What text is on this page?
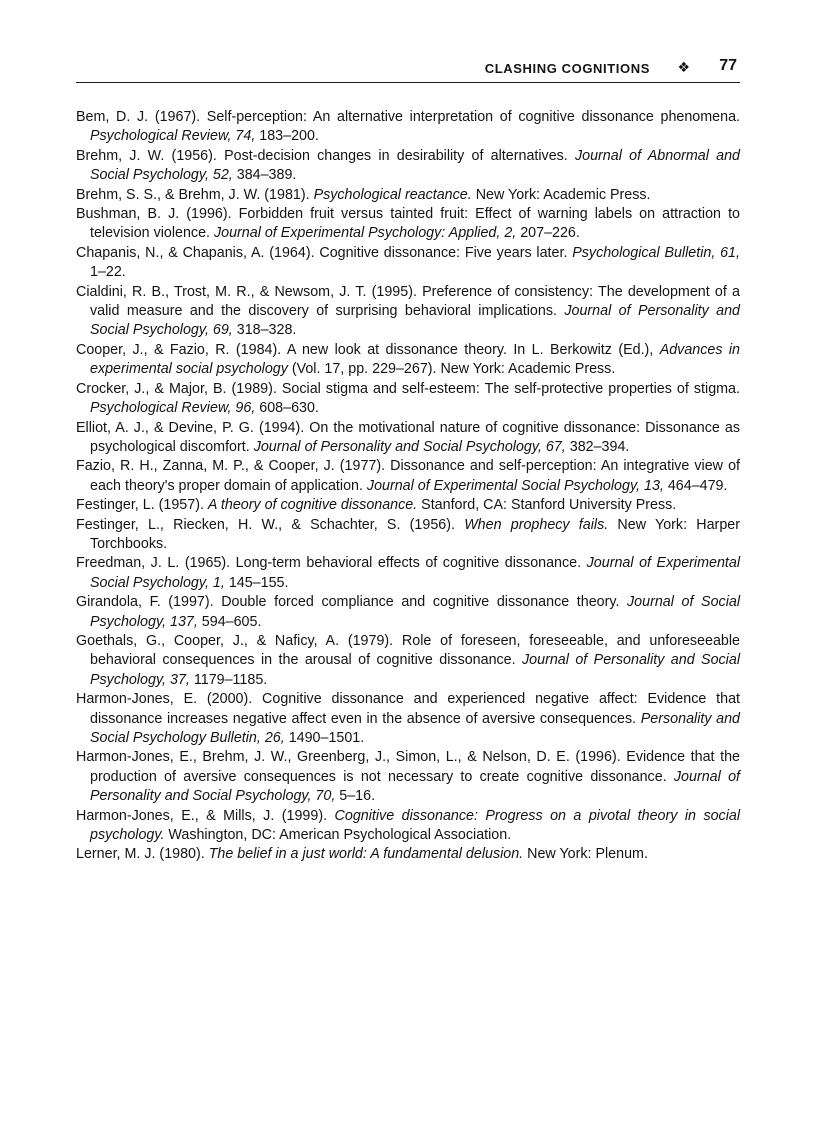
CLASHING COGNITIONS ❖ 77
Bem, D. J. (1967). Self-perception: An alternative interpretation of cognitive dissonance phenomena. Psychological Review, 74, 183–200.
Brehm, J. W. (1956). Post-decision changes in desirability of alternatives. Journal of Abnormal and Social Psychology, 52, 384–389.
Brehm, S. S., & Brehm, J. W. (1981). Psychological reactance. New York: Academic Press.
Bushman, B. J. (1996). Forbidden fruit versus tainted fruit: Effect of warning labels on attraction to television violence. Journal of Experimental Psychology: Applied, 2, 207–226.
Chapanis, N., & Chapanis, A. (1964). Cognitive dissonance: Five years later. Psychological Bulletin, 61, 1–22.
Cialdini, R. B., Trost, M. R., & Newsom, J. T. (1995). Preference of consistency: The development of a valid measure and the discovery of surprising behavioral implications. Journal of Personality and Social Psychology, 69, 318–328.
Cooper, J., & Fazio, R. (1984). A new look at dissonance theory. In L. Berkowitz (Ed.), Advances in experimental social psychology (Vol. 17, pp. 229–267). New York: Academic Press.
Crocker, J., & Major, B. (1989). Social stigma and self-esteem: The self-protective properties of stigma. Psychological Review, 96, 608–630.
Elliot, A. J., & Devine, P. G. (1994). On the motivational nature of cognitive dissonance: Dissonance as psychological discomfort. Journal of Personality and Social Psychology, 67, 382–394.
Fazio, R. H., Zanna, M. P., & Cooper, J. (1977). Dissonance and self-perception: An integrative view of each theory's proper domain of application. Journal of Experimental Social Psychology, 13, 464–479.
Festinger, L. (1957). A theory of cognitive dissonance. Stanford, CA: Stanford University Press.
Festinger, L., Riecken, H. W., & Schachter, S. (1956). When prophecy fails. New York: Harper Torchbooks.
Freedman, J. L. (1965). Long-term behavioral effects of cognitive dissonance. Journal of Experimental Social Psychology, 1, 145–155.
Girandola, F. (1997). Double forced compliance and cognitive dissonance theory. Journal of Social Psychology, 137, 594–605.
Goethals, G., Cooper, J., & Naficy, A. (1979). Role of foreseen, foreseeable, and unforeseeable behavioral consequences in the arousal of cognitive dissonance. Journal of Personality and Social Psychology, 37, 1179–1185.
Harmon-Jones, E. (2000). Cognitive dissonance and experienced negative affect: Evidence that dissonance increases negative affect even in the absence of aversive consequences. Personality and Social Psychology Bulletin, 26, 1490–1501.
Harmon-Jones, E., Brehm, J. W., Greenberg, J., Simon, L., & Nelson, D. E. (1996). Evidence that the production of aversive consequences is not necessary to create cognitive dissonance. Journal of Personality and Social Psychology, 70, 5–16.
Harmon-Jones, E., & Mills, J. (1999). Cognitive dissonance: Progress on a pivotal theory in social psychology. Washington, DC: American Psychological Association.
Lerner, M. J. (1980). The belief in a just world: A fundamental delusion. New York: Plenum.
